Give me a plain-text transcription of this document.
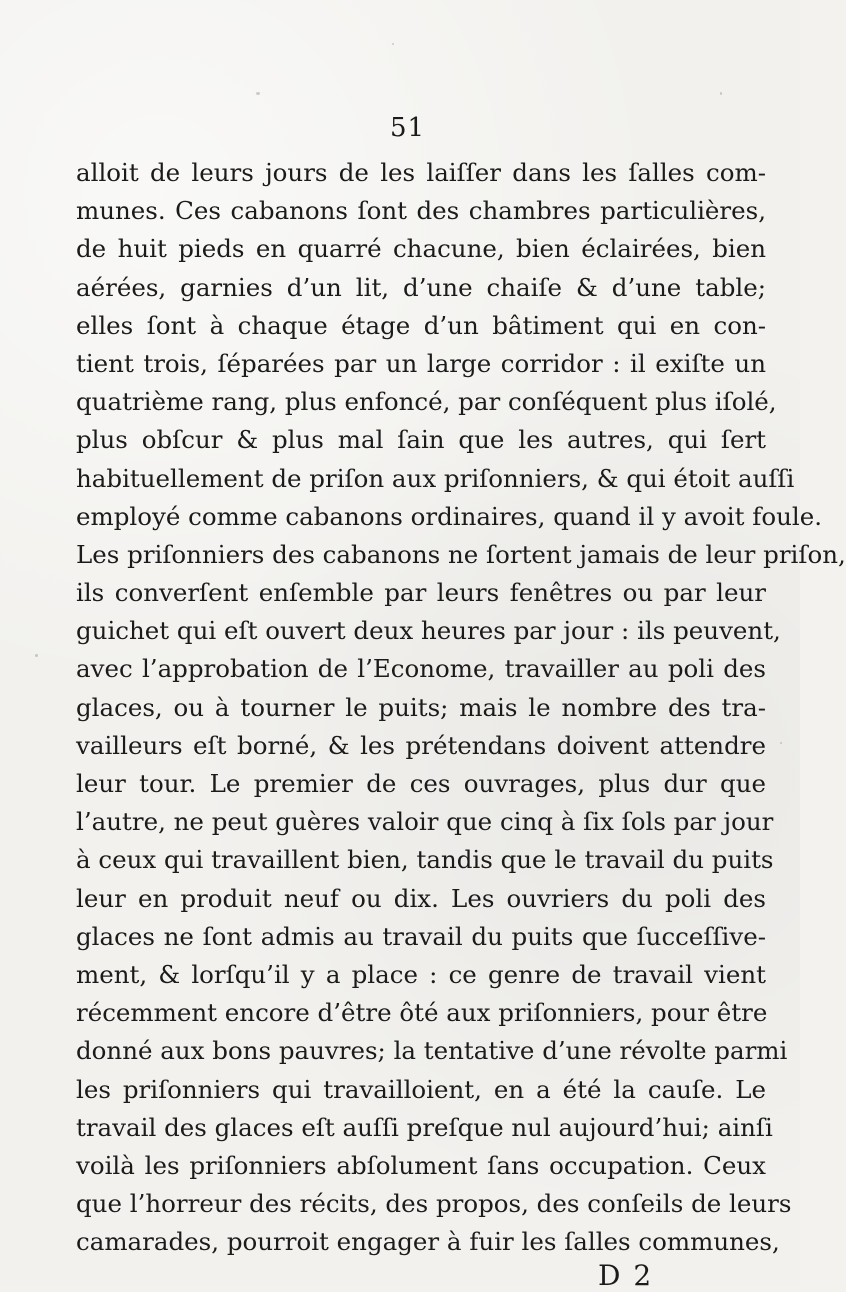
51
alloit de leurs jours de les laiſſer dans les ſalles com-
munes. Ces cabanons ſont des chambres particulières,
de huit pieds en quarré chacune, bien éclairées, bien
aérées, garnies d’un lit, d’une chaiſe & d’une table;
elles ſont à chaque étage d’un bâtiment qui en con-
tient trois, ſéparées par un large corridor : il exiſte un
quatrième rang, plus enfoncé, par conſéquent plus iſolé,
plus obſcur & plus mal ſain que les autres, qui ſert
habituellement de priſon aux priſonniers, & qui étoit auſſi
employé comme cabanons ordinaires, quand il y avoit foule.
Les priſonniers des cabanons ne ſortent jamais de leur priſon,
ils converſent enſemble par leurs fenêtres ou par leur
guichet qui eſt ouvert deux heures par jour : ils peuvent,
avec l’approbation de l’Econome, travailler au poli des
glaces, ou à tourner le puits; mais le nombre des tra-
vailleurs eſt borné, & les prétendans doivent attendre
leur tour. Le premier de ces ouvrages, plus dur que
l’autre, ne peut guères valoir que cinq à ſix ſols par jour
à ceux qui travaillent bien, tandis que le travail du puits
leur en produit neuf ou dix. Les ouvriers du poli des
glaces ne ſont admis au travail du puits que ſucceſſive-
ment, & lorſqu’il y a place : ce genre de travail vient
récemment encore d’être ôté aux priſonniers, pour être
donné aux bons pauvres; la tentative d’une révolte parmi
les priſonniers qui travailloient, en a été la cauſe. Le
travail des glaces eſt auſſi preſque nul aujourd’hui; ainſi
voilà les priſonniers abſolument ſans occupation. Ceux
que l’horreur des récits, des propos, des conſeils de leurs
camarades, pourroit engager à fuir les ſalles communes,
D 2
